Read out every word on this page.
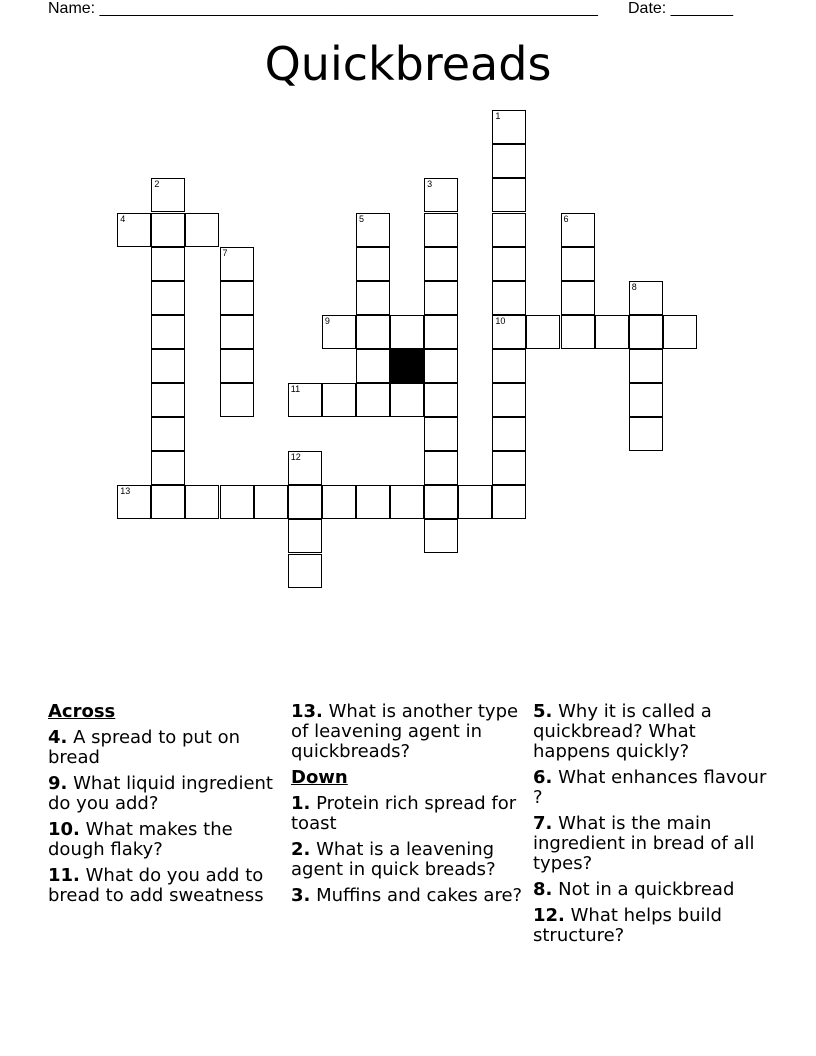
Name: ________________________________________________________ Date: _______
Quickbreads
1
2	3
4	5	6
7
8
9	10
11
12
13
Across
4. A spread to put on bread
9. What liquid ingredient do you add?
10. What makes the dough flaky?
11. What do you add to bread to add sweatness
13. What is another type of leavening agent in quickbreads?
Down
1. Protein rich spread for toast
2. What is a leavening agent in quick breads?
3. Muffins and cakes are?
5. Why it is called a quickbread? What happens quickly?
6. What enhances flavour ?
7. What is the main ingredient in bread of all types?
8. Not in a quickbread
12. What helps build structure?
